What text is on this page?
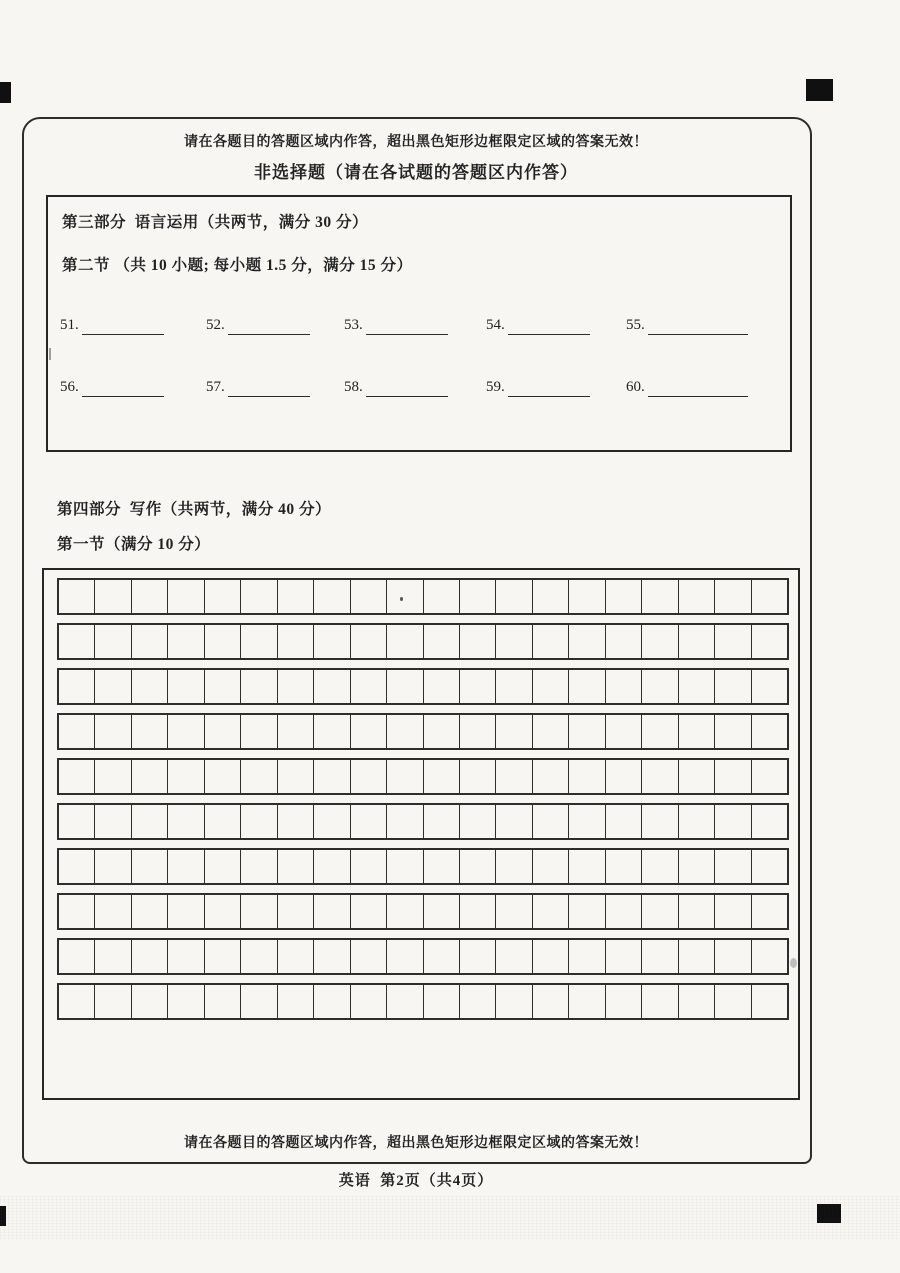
请在各题目的答题区域内作答，超出黑色矩形边框限定区域的答案无效！
非选择题（请在各试题的答题区内作答）
第三部分  语言运用（共两节，满分 30 分）
第二节 （共 10 小题; 每小题 1.5 分，满分 15 分）
51.	52.	53.	54.	55.
56.	57.	58.	59.	60.
第四部分  写作（共两节，满分 40 分）
第一节（满分 10 分）
请在各题目的答题区域内作答，超出黑色矩形边框限定区域的答案无效！
英语  第2页（共4页）
